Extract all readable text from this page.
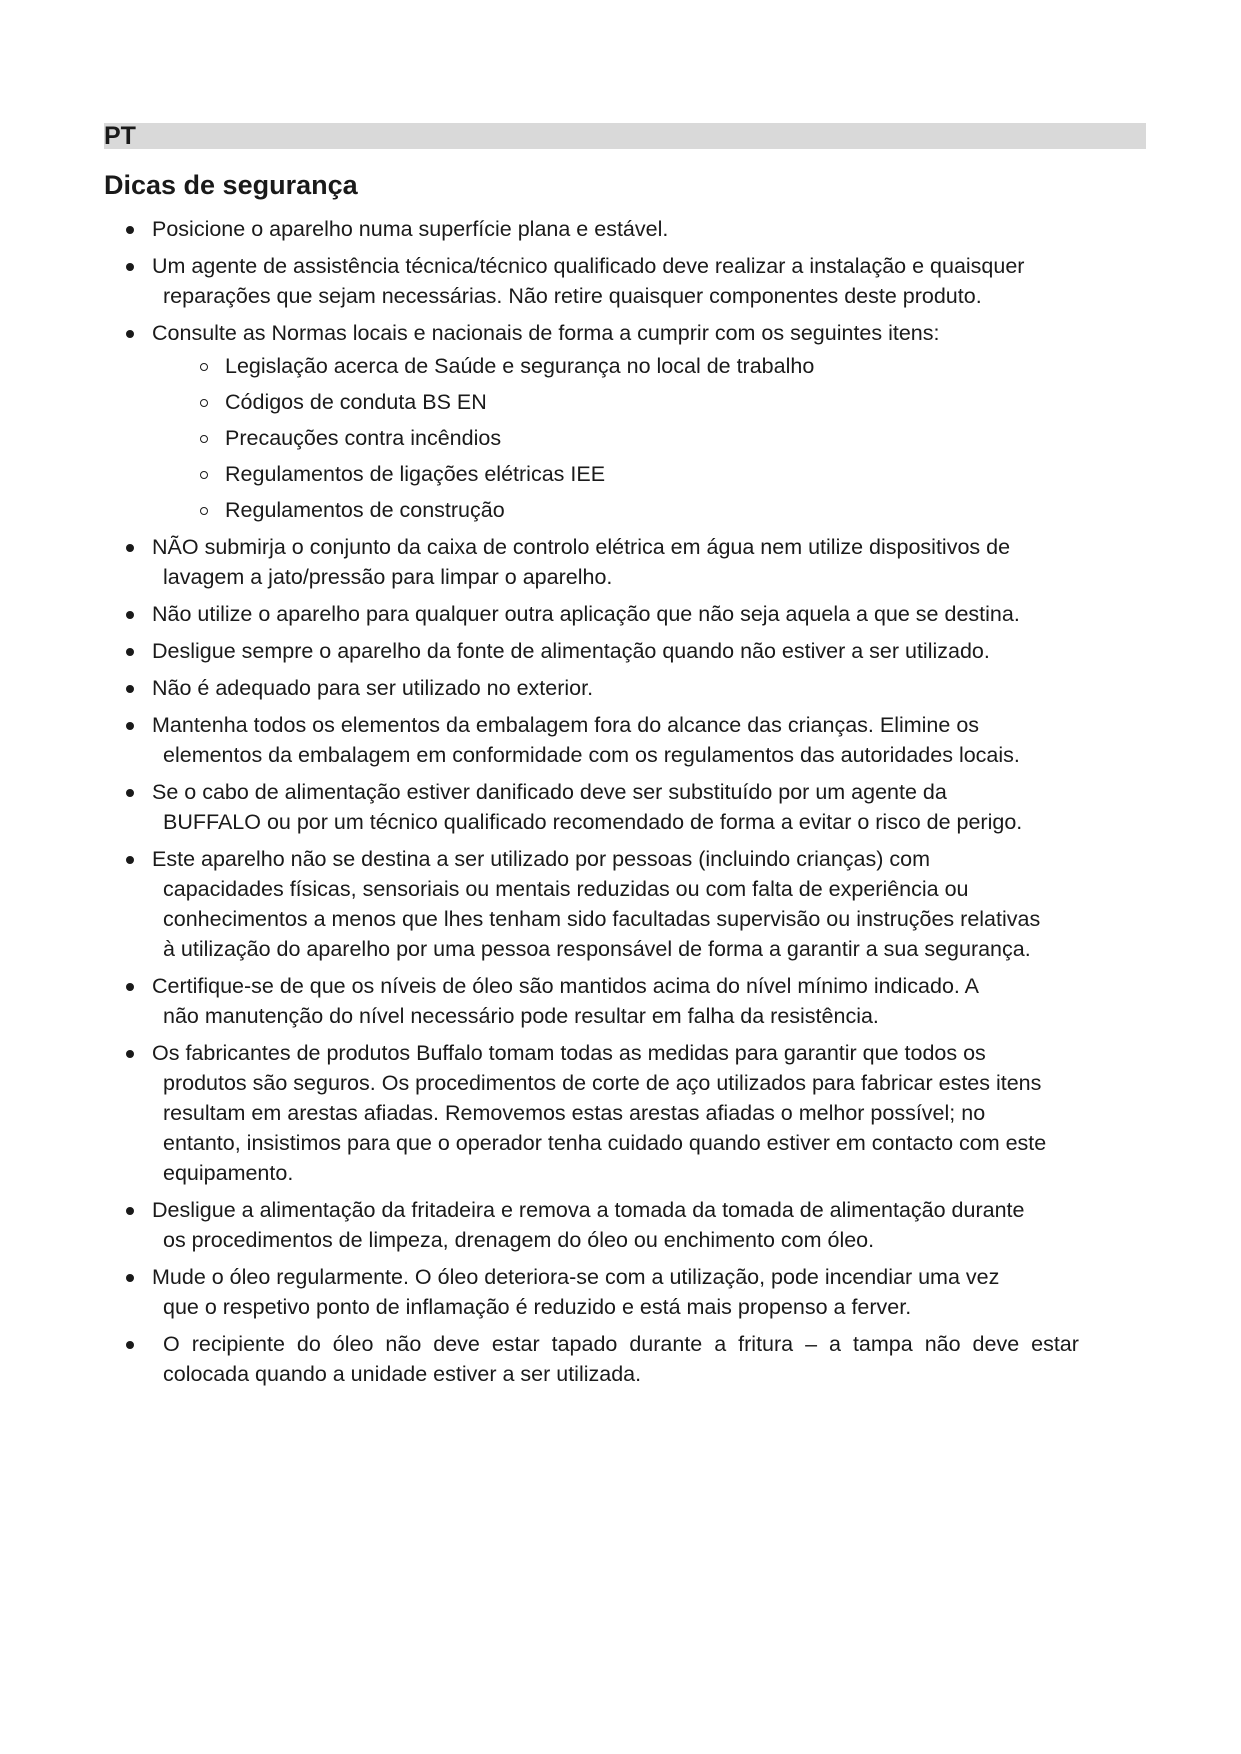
PT
Dicas de segurança
Posicione o aparelho numa superfície plana e estável.
Um agente de assistência técnica/técnico qualificado deve realizar a instalação e quaisquer
reparações que sejam necessárias. Não retire quaisquer componentes deste produto.
Consulte as Normas locais e nacionais de forma a cumprir com os seguintes itens:
Legislação acerca de Saúde e segurança no local de trabalho
Códigos de conduta BS EN
Precauções contra incêndios
Regulamentos de ligações elétricas IEE
Regulamentos de construção
NÃO submirja o conjunto da caixa de controlo elétrica em água nem utilize dispositivos de
lavagem a jato/pressão para limpar o aparelho.
Não utilize o aparelho para qualquer outra aplicação que não seja aquela a que se destina.
Desligue sempre o aparelho da fonte de alimentação quando não estiver a ser utilizado.
Não é adequado para ser utilizado no exterior.
Mantenha todos os elementos da embalagem fora do alcance das crianças. Elimine os
elementos da embalagem em conformidade com os regulamentos das autoridades locais.
Se o cabo de alimentação estiver danificado deve ser substituído por um agente da
BUFFALO ou por um técnico qualificado recomendado de forma a evitar o risco de perigo.
Este aparelho não se destina a ser utilizado por pessoas (incluindo crianças) com
capacidades físicas, sensoriais ou mentais reduzidas ou com falta de experiência ou
conhecimentos a menos que lhes tenham sido facultadas supervisão ou instruções relativas
à utilização do aparelho por uma pessoa responsável de forma a garantir a sua segurança.
Certifique-se de que os níveis de óleo são mantidos acima do nível mínimo indicado. A
não manutenção do nível necessário pode resultar em falha da resistência.
Os fabricantes de produtos Buffalo tomam todas as medidas para garantir que todos os
produtos são seguros. Os procedimentos de corte de aço utilizados para fabricar estes itens
resultam em arestas afiadas. Removemos estas arestas afiadas o melhor possível; no
entanto, insistimos para que o operador tenha cuidado quando estiver em contacto com este
equipamento.
Desligue a alimentação da fritadeira e remova a tomada da tomada de alimentação durante
os procedimentos de limpeza, drenagem do óleo ou enchimento com óleo.
Mude o óleo regularmente. O óleo deteriora-se com a utilização, pode incendiar uma vez
que o respetivo ponto de inflamação é reduzido e está mais propenso a ferver.
O recipiente do óleo não deve estar tapado durante a fritura – a tampa não deve estar
colocada quando a unidade estiver a ser utilizada.
